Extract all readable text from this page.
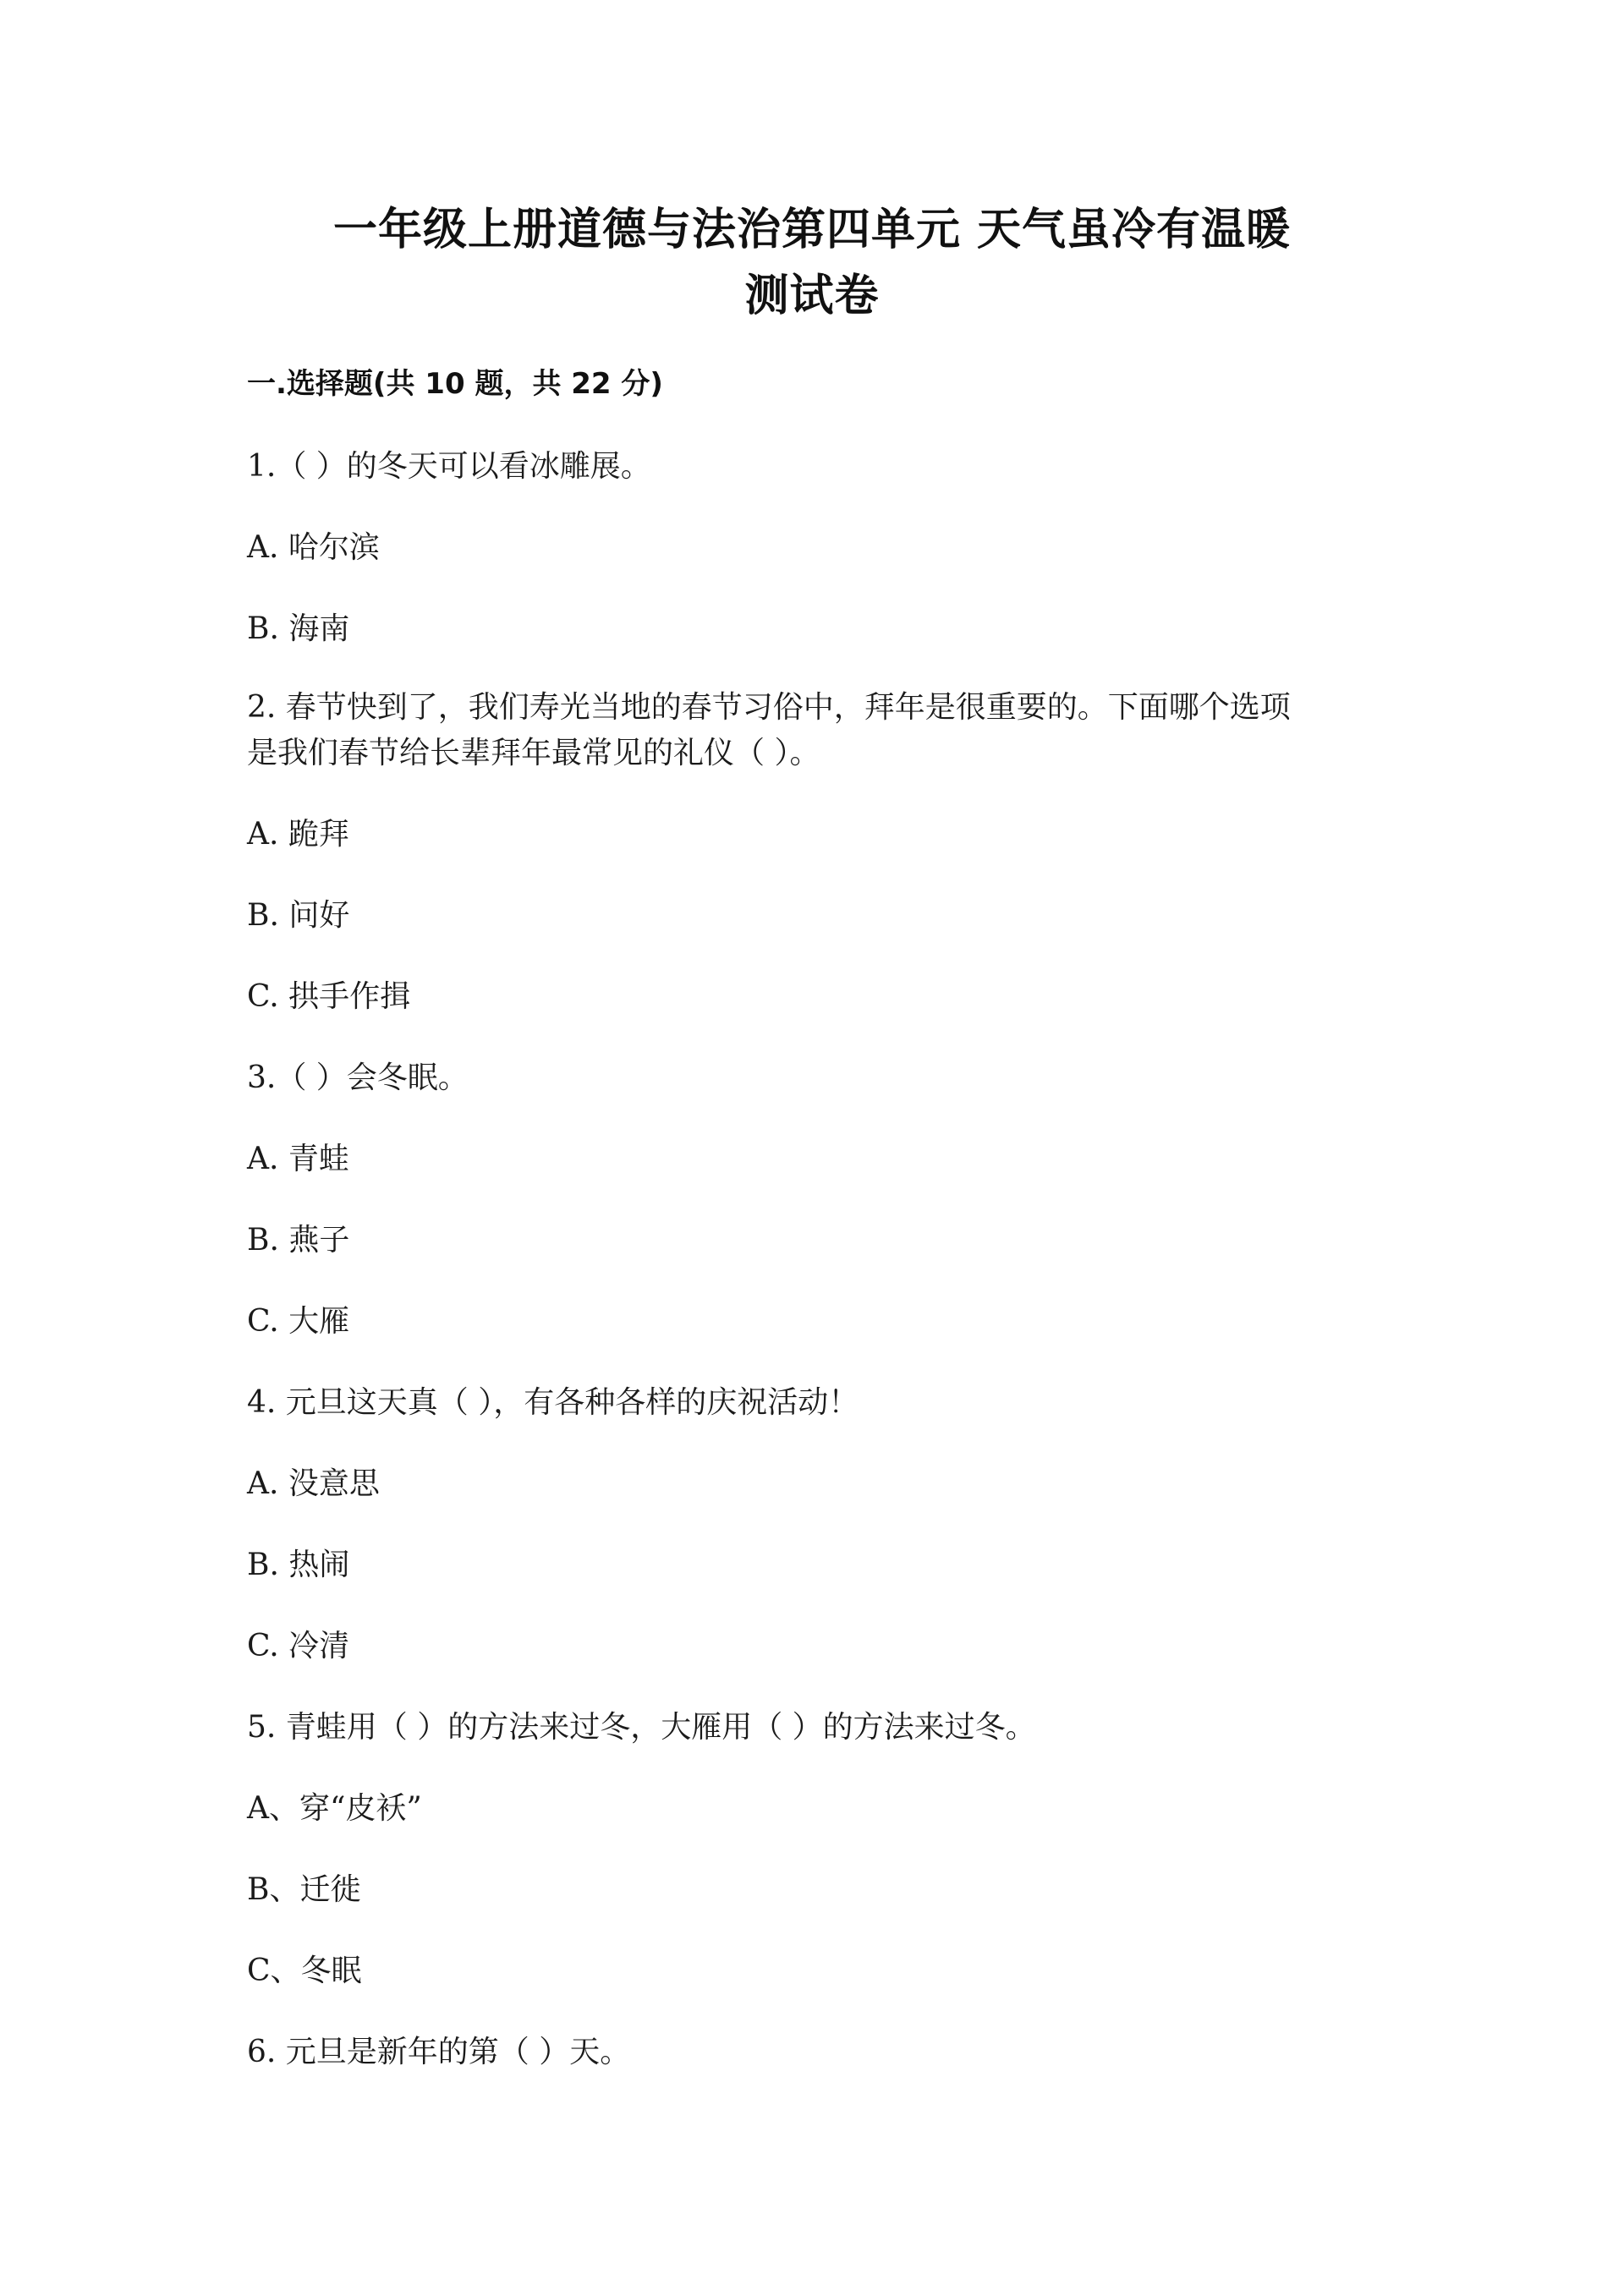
一年级上册道德与法治第四单元 天气虽冷有温暖
测试卷
一.选择题(共 10 题，共 22 分)
1.（ ）的冬天可以看冰雕展。
A. 哈尔滨
B. 海南
2. 春节快到了，我们寿光当地的春节习俗中，拜年是很重要的。下面哪个选项
是我们春节给长辈拜年最常见的礼仪（ ）。
A. 跪拜
B. 问好
C. 拱手作揖
3.（ ）会冬眠。
A. 青蛙
B. 燕子
C. 大雁
4. 元旦这天真（ ），有各种各样的庆祝活动！
A. 没意思
B. 热闹
C. 冷清
5. 青蛙用（ ）的方法来过冬，大雁用（ ）的方法来过冬。
A、穿“皮袄”
B、迁徙
C、冬眠
6. 元旦是新年的第（ ）天。
